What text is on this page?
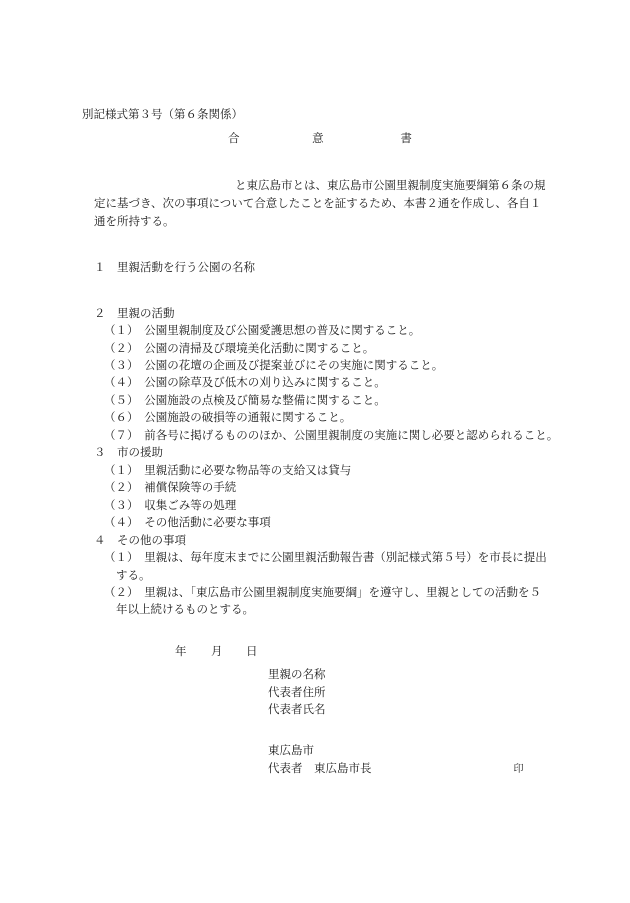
別記様式第３号（第６条関係）
合	意	書
と東広島市とは、東広島市公園里親制度実施要綱第６条の規
定に基づき、次の事項について合意したことを証するため、本書２通を作成し、各自１
通を所持する。
１　里親活動を行う公園の名称
２　里親の活動
（１）　公園里親制度及び公園愛護思想の普及に関すること。
（２）　公園の清掃及び環境美化活動に関すること。
（３）　公園の花壇の企画及び提案並びにその実施に関すること。
（４）　公園の除草及び低木の刈り込みに関すること。
（５）　公園施設の点検及び簡易な整備に関すること。
（６）　公園施設の破損等の通報に関すること。
（７）　前各号に掲げるもののほか、公園里親制度の実施に関し必要と認められること。
３　市の援助
（１）　里親活動に必要な物品等の支給又は貸与
（２）　補償保険等の手続
（３）　収集ごみ等の処理
（４）　その他活動に必要な事項
４　その他の事項
（１）　里親は、毎年度末までに公園里親活動報告書（別記様式第５号）を市長に提出
する。
（２）　里親は、「東広島市公園里親制度実施要綱」を遵守し、里親としての活動を５
年以上続けるものとする。
年 月 日
里親の名称
代表者住所
代表者氏名
東広島市
代表者　東広島市長	印
